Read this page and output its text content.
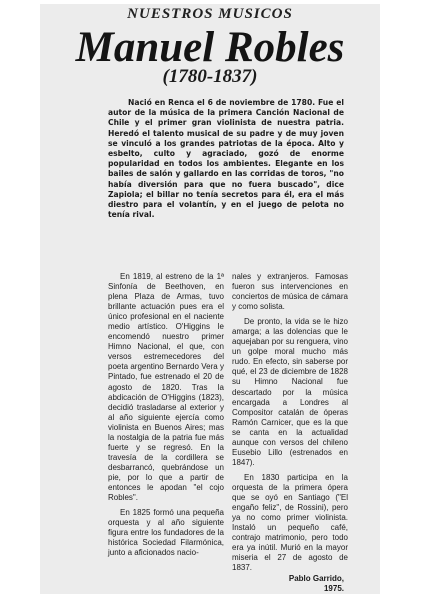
NUESTROS MUSICOS
Manuel Robles
(1780-1837)

Nació en Renca el 6 de noviembre de 1780. Fue el autor de la música de la primera Canción Nacional de Chile y el primer gran violinista de nuestra patria. Heredó el talento musical de su padre y de muy joven se vinculó a los grandes patriotas de la época. Alto y esbelto, culto y agraciado, gozó de enorme popularidad en todos los ambientes. Elegante en los bailes de salón y gallardo en las corridas de toros, "no había diversión para que no fuera buscado", dice Zapiola; el billar no tenía secretos para él, era el más diestro para el volantín, y en el juego de pelota no tenía rival.

En 1819, al estreno de la 1ª Sinfonía de Beethoven, en plena Plaza de Armas, tuvo brillante actuación pues era el único profesional en el naciente medio artístico. O'Higgins le encomendó nuestro primer Himno Nacional, el que, con versos estremecedores del poeta argentino Bernardo Vera y Pintado, fue estrenado el 20 de agosto de 1820. Tras la abdicación de O'Higgins (1823), decidió trasladarse al exterior y al año siguiente ejercía como violinista en Buenos Aires; mas la nostalgia de la patria fue más fuerte y se regresó. En la travesía de la cordillera se desbarrancó, quebrándose un pie, por lo que a partir de entonces le apodan "el cojo Robles".

En 1825 formó una pequeña orquesta y al año siguiente figura entre los fundadores de la histórica Sociedad Filarmónica, junto a aficionados nacio-

nales y extranjeros. Famosas fueron sus intervenciones en conciertos de música de cámara y como solista.

De pronto, la vida se le hizo amarga; a las dolencias que le aquejaban por su renguera, vino un golpe moral mucho más rudo. En efecto, sin saberse por qué, el 23 de diciembre de 1828 su Himno Nacional fue descartado por la música encargada a Londres al Compositor catalán de óperas Ramón Carnicer, que es la que se canta en la actualidad aunque con versos del chileno Eusebio Lillo (estrenados en 1847).

En 1830 participa en la orquesta de la primera ópera que se oyó en Santiago ("El engaño feliz", de Rossini), pero ya no como primer violinista. Instaló un pequeño café, contrajo matrimonio, pero todo era ya inútil. Murió en la mayor miseria el 27 de agosto de 1837.

Pablo Garrido,
1975.
